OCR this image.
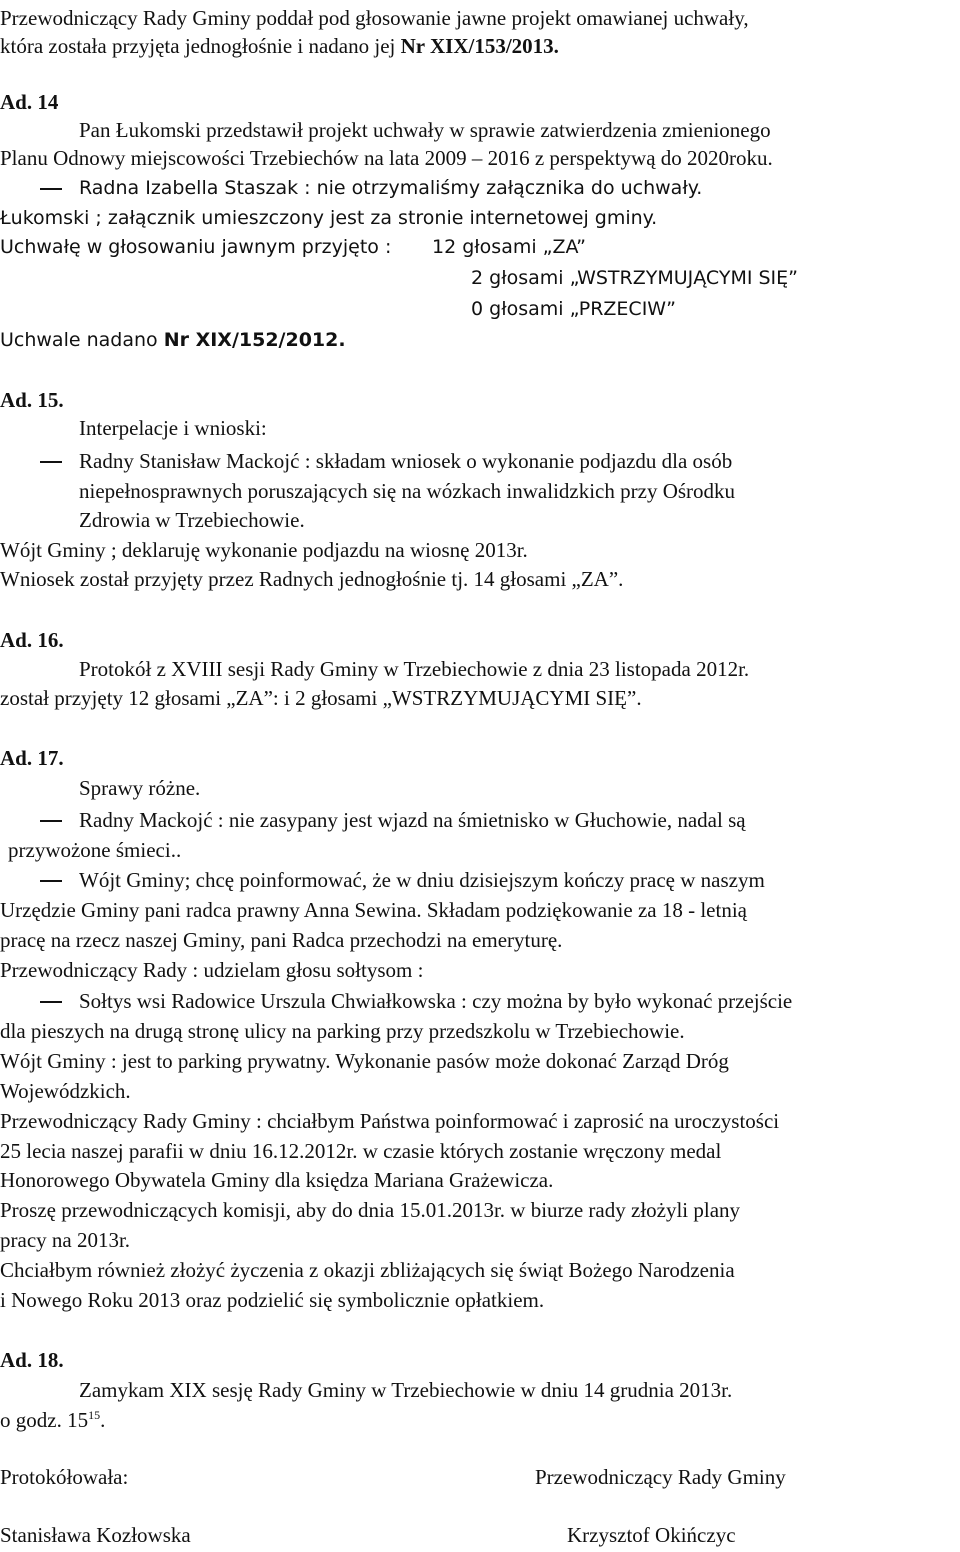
Przewodniczący Rady Gminy poddał pod głosowanie jawne projekt omawianej uchwały,
która została przyjęta jednogłośnie i nadano jej Nr XIX/153/2013.
Ad. 14
Pan Łukomski przedstawił projekt uchwały w sprawie zatwierdzenia zmienionego
Planu Odnowy miejscowości Trzebiechów na lata 2009 – 2016 z perspektywą do 2020roku.
Radna Izabella Staszak : nie otrzymaliśmy załącznika do uchwały.
Łukomski ; załącznik umieszczony jest za stronie internetowej gminy.
Uchwałę w głosowaniu jawnym przyjęto : 12 głosami „ZA”
2 głosami „WSTRZYMUJĄCYMI SIĘ”
0 głosami „PRZECIW”
Uchwale nadano Nr XIX/152/2012.
Ad. 15.
Interpelacje i wnioski:
Radny Stanisław Mackojć : składam wniosek o wykonanie podjazdu dla osób
niepełnosprawnych poruszających się na wózkach inwalidzkich przy Ośrodku
Zdrowia w Trzebiechowie.
Wójt Gminy ; deklaruję wykonanie podjazdu na wiosnę 2013r.
Wniosek został przyjęty przez Radnych jednogłośnie tj. 14 głosami „ZA”.
Ad. 16.
Protokół z XVIII sesji Rady Gminy w Trzebiechowie z dnia 23 listopada 2012r.
został przyjęty 12 głosami „ZA”: i 2 głosami „WSTRZYMUJĄCYMI SIĘ”.
Ad. 17.
Sprawy różne.
Radny Mackojć : nie zasypany jest wjazd na śmietnisko w Głuchowie, nadal są
przywożone śmieci..
Wójt Gminy; chcę poinformować, że w dniu dzisiejszym kończy pracę w naszym
Urzędzie Gminy pani radca prawny Anna Sewina. Składam podziękowanie za 18 - letnią
pracę na rzecz naszej Gminy, pani Radca przechodzi na emeryturę.
Przewodniczący Rady : udzielam głosu sołtysom :
Sołtys wsi Radowice Urszula Chwiałkowska : czy można by było wykonać przejście
dla pieszych na drugą stronę ulicy na parking przy przedszkolu w Trzebiechowie.
Wójt Gminy : jest to parking prywatny. Wykonanie pasów może dokonać Zarząd Dróg
Wojewódzkich.
Przewodniczący Rady Gminy : chciałbym Państwa poinformować i zaprosić na uroczystości
25 lecia naszej parafii w dniu 16.12.2012r. w czasie których zostanie wręczony medal
Honorowego Obywatela Gminy dla księdza Mariana Grażewicza.
Proszę przewodniczących komisji, aby do dnia 15.01.2013r. w biurze rady złożyli plany
pracy na 2013r.
Chciałbym również złożyć życzenia z okazji zbliżających się świąt Bożego Narodzenia
i Nowego Roku 2013 oraz podzielić się symbolicznie opłatkiem.
Ad. 18.
Zamykam XIX sesję Rady Gminy w Trzebiechowie w dniu 14 grudnia 2013r.
o godz. $15^{15}$.
Protokółowała:	Przewodniczący Rady Gminy
Stanisława Kozłowska	Krzysztof Okińczyc
